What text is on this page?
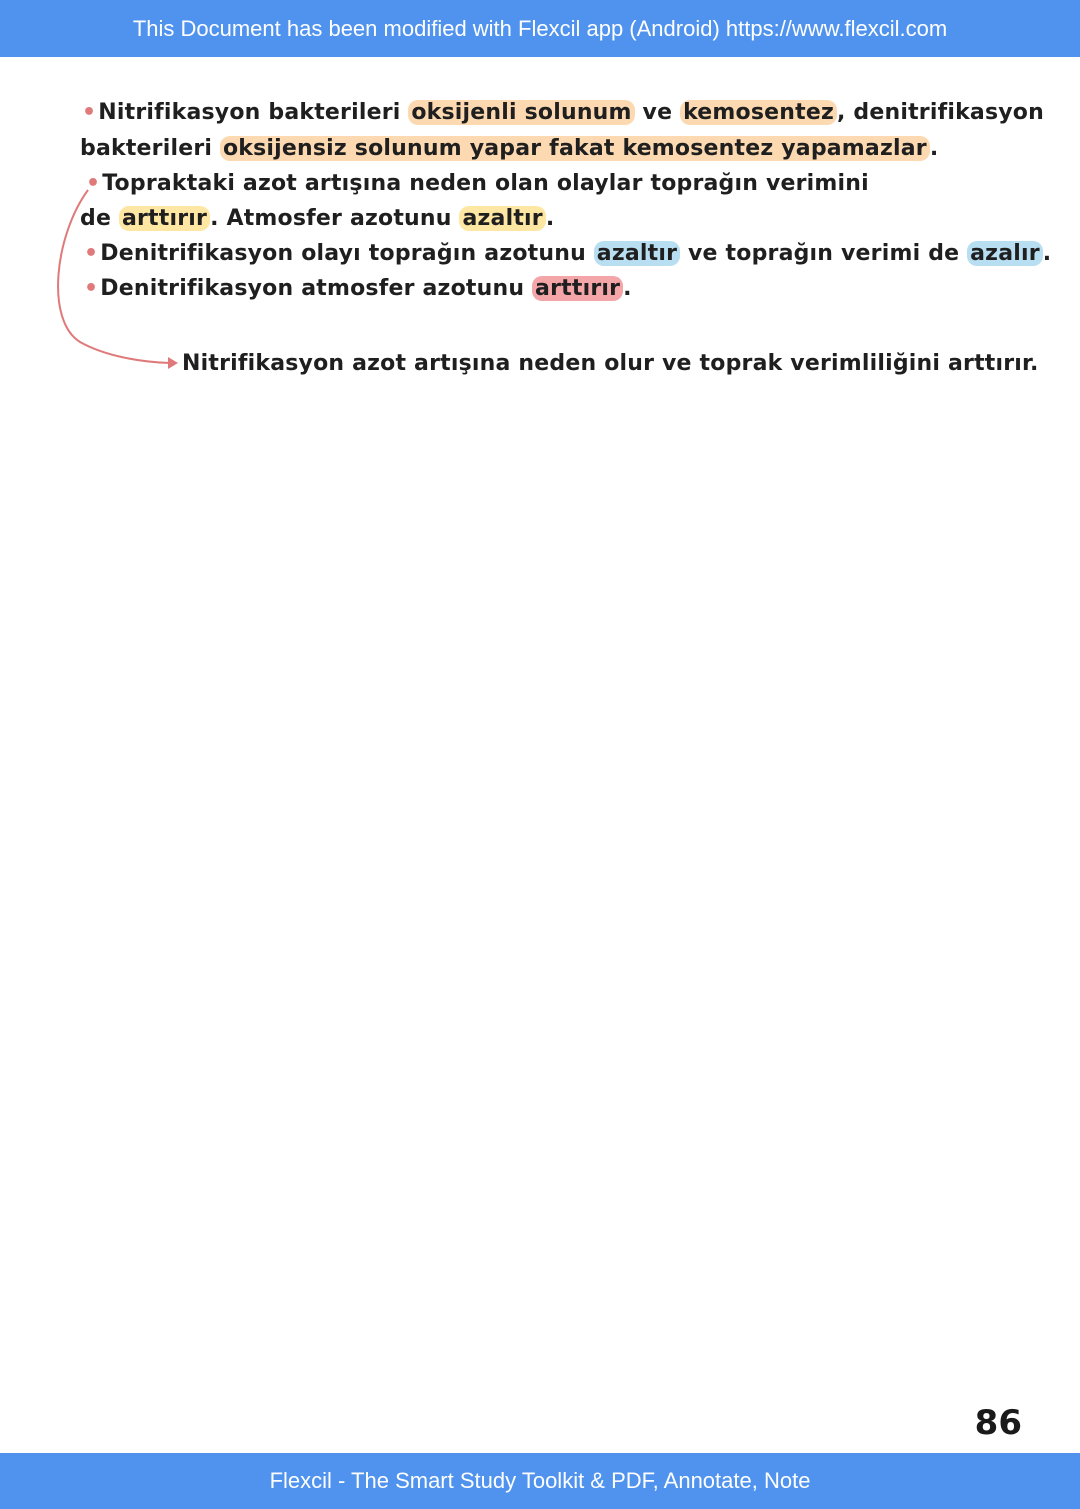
This Document has been modified with Flexcil app (Android) https://www.flexcil.com
•Nitrifikasyon bakterileri oksijenli solunum ve kemosentez , denitrifikasyon
bakterileri oksijensiz solunum yapar fakat kemosentez yapamazlar .
•Topraktaki azot artışına neden olan olaylar toprağın verimini
de arttırır . Atmosfer azotunu azaltır .
•Denitrifikasyon olayı toprağın azotunu azaltır ve toprağın verimi de azalır .
•Denitrifikasyon atmosfer azotunu arttırır .
Nitrifikasyon azot artışına neden olur ve toprak verimliliğini arttırır.
86
Flexcil - The Smart Study Toolkit & PDF, Annotate, Note
